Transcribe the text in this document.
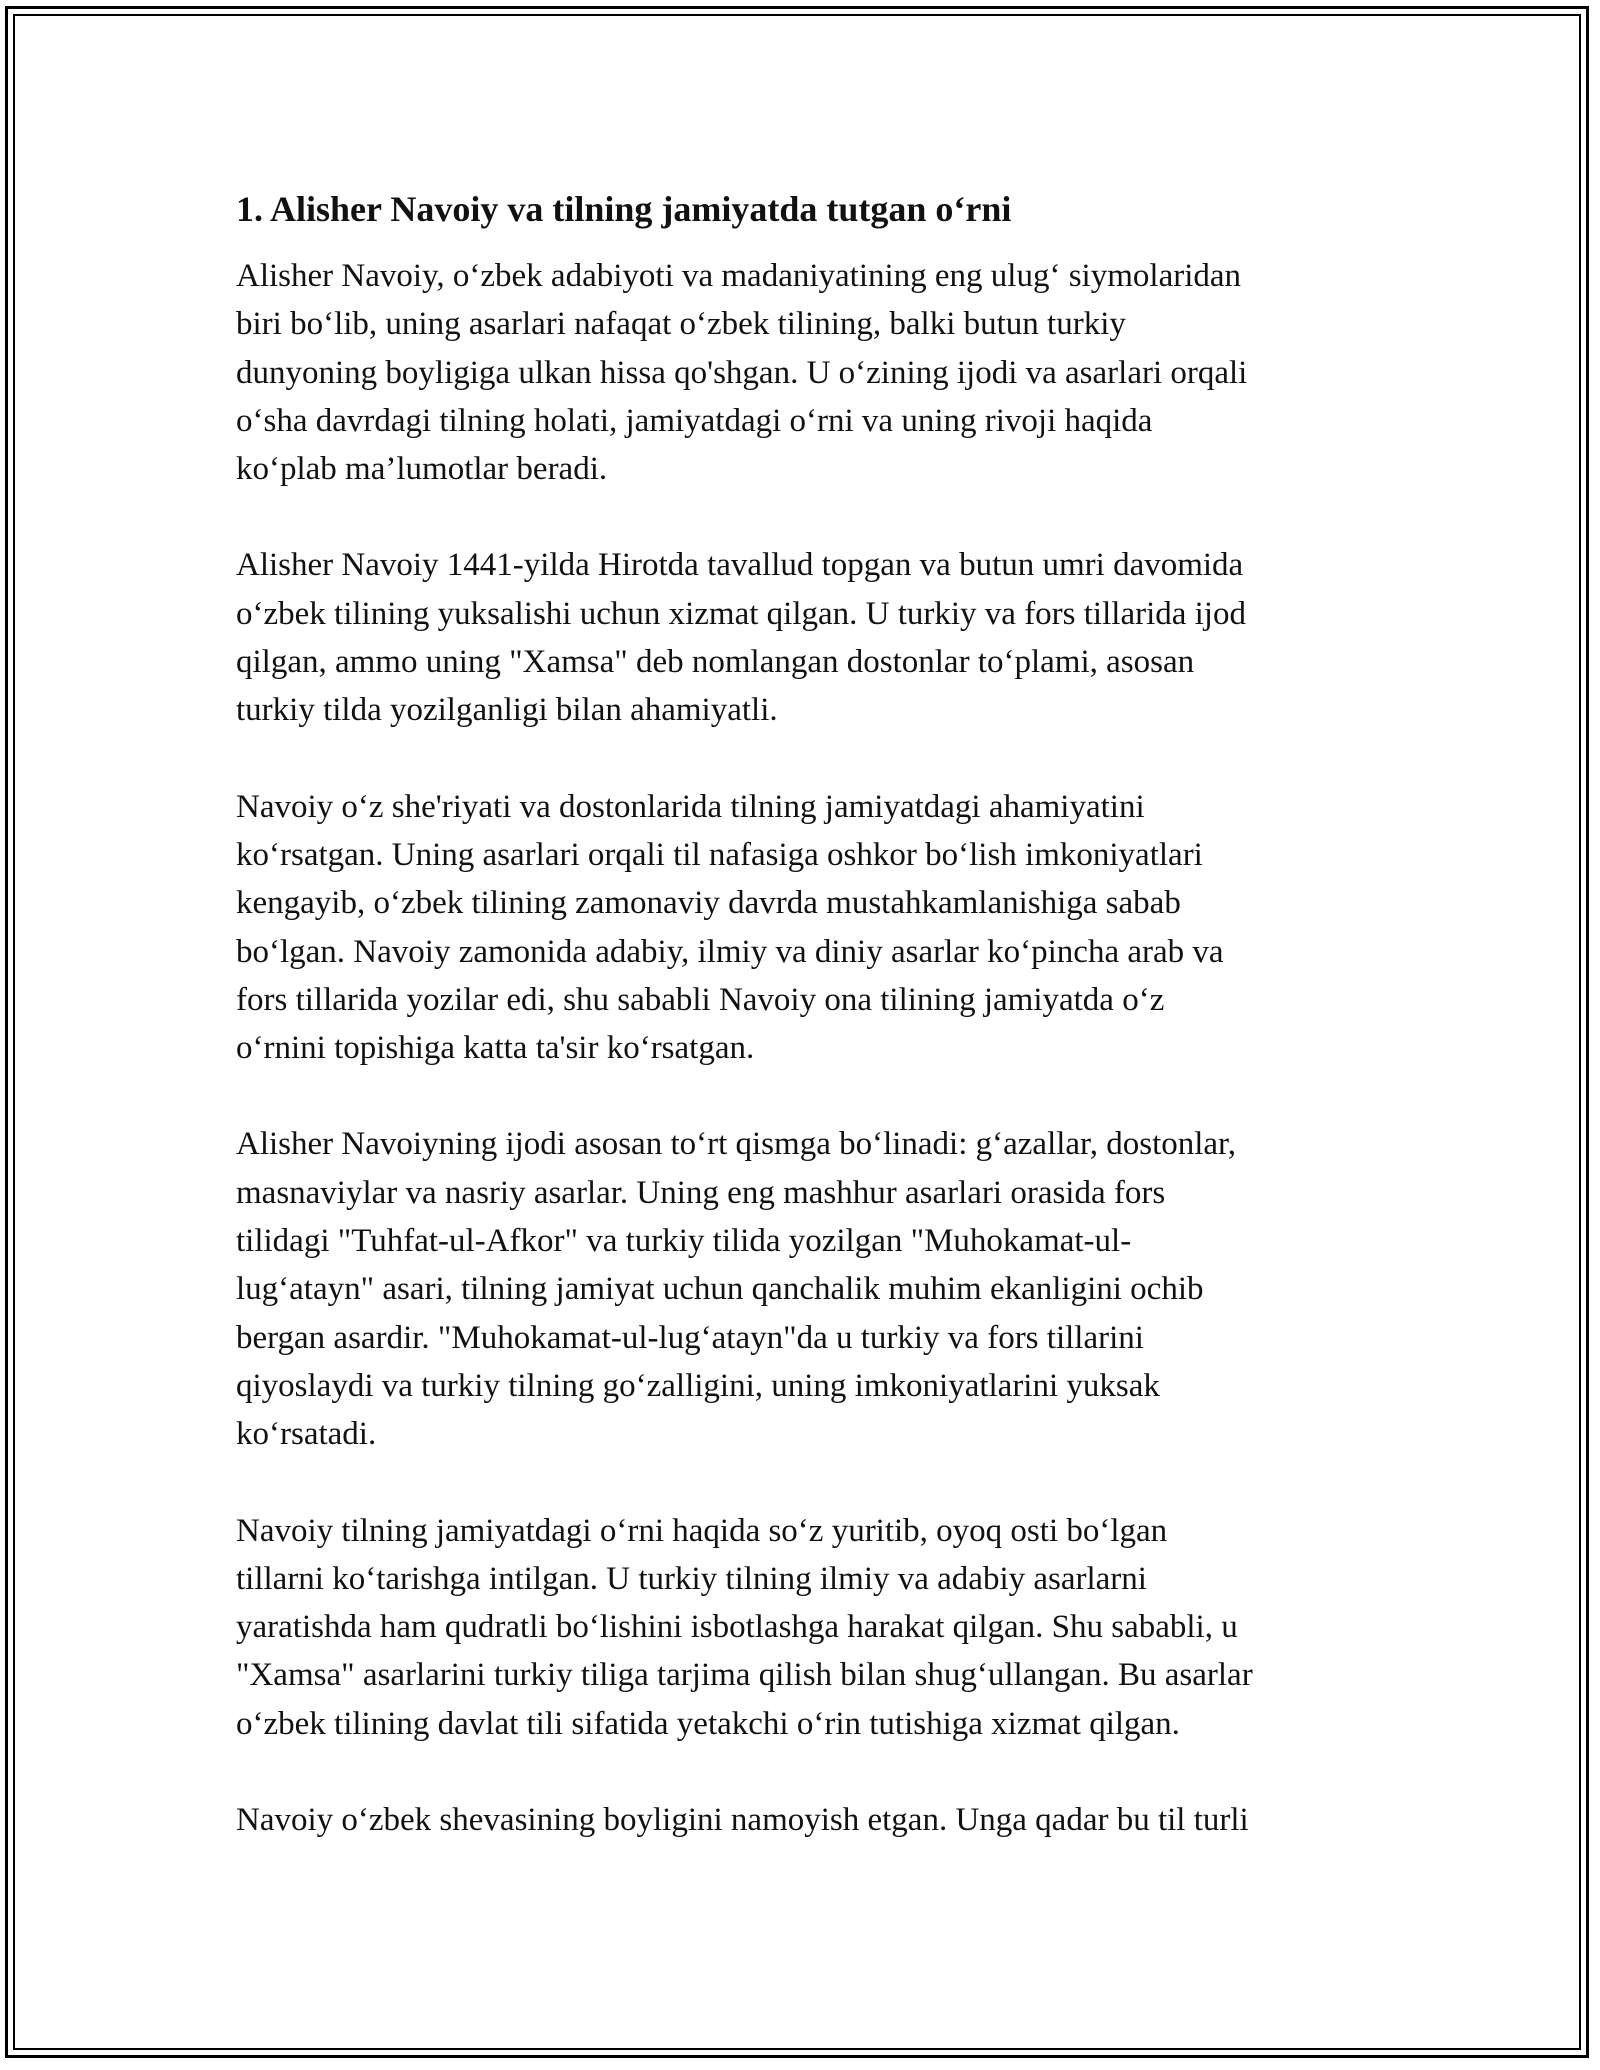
1. Alisher Navoiy va tilning jamiyatda tutgan o‘rni

Alisher Navoiy, o‘zbek adabiyoti va madaniyatining eng ulug‘ siymolaridan
biri bo‘lib, uning asarlari nafaqat o‘zbek tilining, balki butun turkiy
dunyoning boyligiga ulkan hissa qo'shgan. U o‘zining ijodi va asarlari orqali
o‘sha davrdagi tilning holati, jamiyatdagi o‘rni va uning rivoji haqida
ko‘plab ma’lumotlar beradi.

Alisher Navoiy 1441-yilda Hirotda tavallud topgan va butun umri davomida
o‘zbek tilining yuksalishi uchun xizmat qilgan. U turkiy va fors tillarida ijod
qilgan, ammo uning "Xamsa" deb nomlangan dostonlar to‘plami, asosan
turkiy tilda yozilganligi bilan ahamiyatli.

Navoiy o‘z she'riyati va dostonlarida tilning jamiyatdagi ahamiyatini
ko‘rsatgan. Uning asarlari orqali til nafasiga oshkor bo‘lish imkoniyatlari
kengayib, o‘zbek tilining zamonaviy davrda mustahkamlanishiga sabab
bo‘lgan. Navoiy zamonida adabiy, ilmiy va diniy asarlar ko‘pincha arab va
fors tillarida yozilar edi, shu sababli Navoiy ona tilining jamiyatda o‘z
o‘rnini topishiga katta ta'sir ko‘rsatgan.

Alisher Navoiyning ijodi asosan to‘rt qismga bo‘linadi: g‘azallar, dostonlar,
masnaviylar va nasriy asarlar. Uning eng mashhur asarlari orasida fors
tilidagi "Tuhfat-ul-Afkor" va turkiy tilida yozilgan "Muhokamat-ul-
lug‘atayn" asari, tilning jamiyat uchun qanchalik muhim ekanligini ochib
bergan asardir. "Muhokamat-ul-lug‘atayn"da u turkiy va fors tillarini
qiyoslaydi va turkiy tilning go‘zalligini, uning imkoniyatlarini yuksak
ko‘rsatadi.

Navoiy tilning jamiyatdagi o‘rni haqida so‘z yuritib, oyoq osti bo‘lgan
tillarni ko‘tarishga intilgan. U turkiy tilning ilmiy va adabiy asarlarni
yaratishda ham qudratli bo‘lishini isbotlashga harakat qilgan. Shu sababli, u
"Xamsa" asarlarini turkiy tiliga tarjima qilish bilan shug‘ullangan. Bu asarlar
o‘zbek tilining davlat tili sifatida yetakchi o‘rin tutishiga xizmat qilgan.

Navoiy o‘zbek shevasining boyligini namoyish etgan. Unga qadar bu til turli
